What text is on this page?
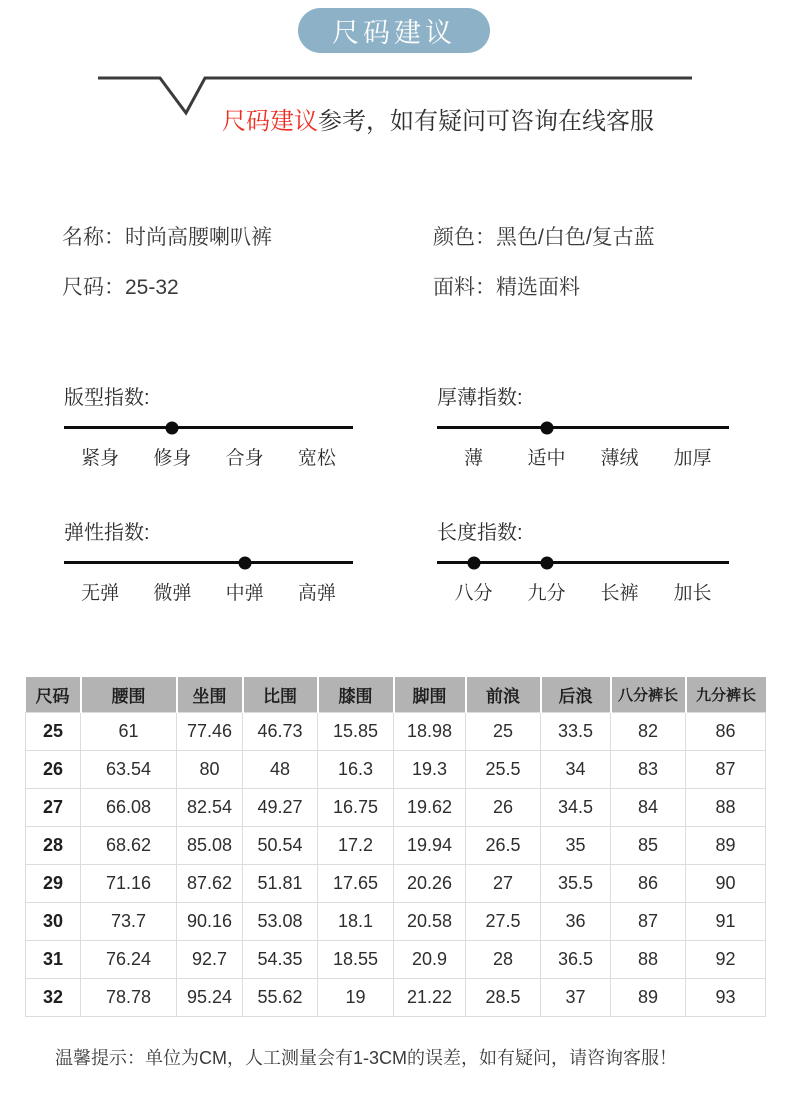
尺码建议
尺码建议参考，如有疑问可咨询在线客服
名称：时尚高腰喇叭裤	颜色：黑色/白色/复古蓝
尺码：25-32	面料：精选面料
版型指数:
紧身	修身	合身	宽松
厚薄指数:
薄	适中	薄绒	加厚
弹性指数:
无弹	微弹	中弹	高弹
长度指数:
八分	九分	长裤	加长
尺码	腰围	坐围	比围	膝围	脚围	前浪	后浪	八分裤长	九分裤长
25	61	77.46	46.73	15.85	18.98	25	33.5	82	86
26	63.54	80	48	16.3	19.3	25.5	34	83	87
27	66.08	82.54	49.27	16.75	19.62	26	34.5	84	88
28	68.62	85.08	50.54	17.2	19.94	26.5	35	85	89
29	71.16	87.62	51.81	17.65	20.26	27	35.5	86	90
30	73.7	90.16	53.08	18.1	20.58	27.5	36	87	91
31	76.24	92.7	54.35	18.55	20.9	28	36.5	88	92
32	78.78	95.24	55.62	19	21.22	28.5	37	89	93
温馨提示：单位为CM，人工测量会有1-3CM的误差，如有疑问，请咨询客服！
